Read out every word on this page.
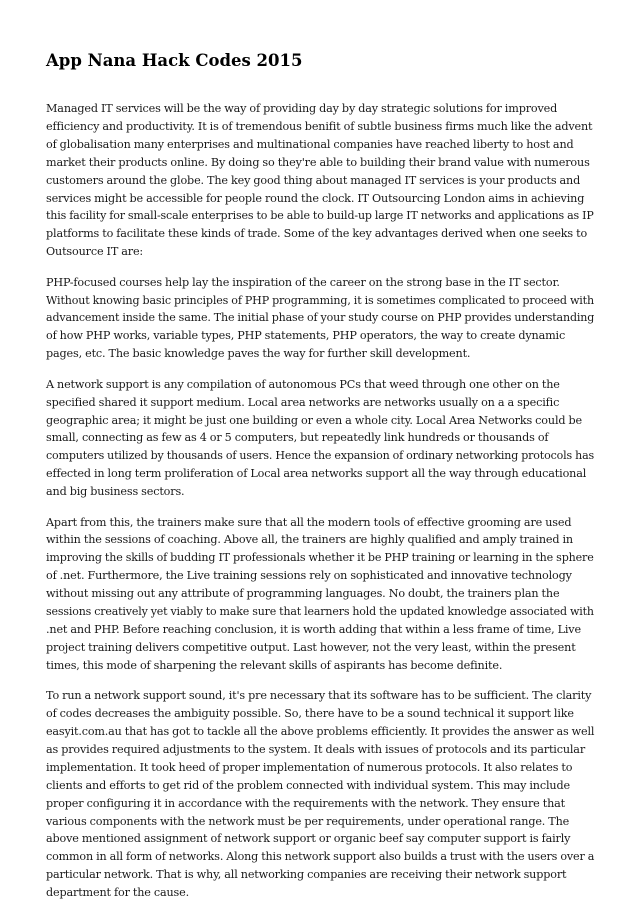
App Nana Hack Codes 2015

Managed IT services will be the way of providing day by day strategic solutions for improved
efficiency and productivity. It is of tremendous benifit of subtle business firms much like the advent
of globalisation many enterprises and multinational companies have reached liberty to host and
market their products online. By doing so they're able to building their brand value with numerous
customers around the globe. The key good thing about managed IT services is your products and
services might be accessible for people round the clock. IT Outsourcing London aims in achieving
this facility for small-scale enterprises to be able to build-up large IT networks and applications as IP
platforms to facilitate these kinds of trade. Some of the key advantages derived when one seeks to
Outsource IT are:

PHP-focused courses help lay the inspiration of the career on the strong base in the IT sector.
Without knowing basic principles of PHP programming, it is sometimes complicated to proceed with
advancement inside the same. The initial phase of your study course on PHP provides understanding
of how PHP works, variable types, PHP statements, PHP operators, the way to create dynamic
pages, etc. The basic knowledge paves the way for further skill development.

A network support is any compilation of autonomous PCs that weed through one other on the
specified shared it support medium. Local area networks are networks usually on a a specific
geographic area; it might be just one building or even a whole city. Local Area Networks could be
small, connecting as few as 4 or 5 computers, but repeatedly link hundreds or thousands of
computers utilized by thousands of users. Hence the expansion of ordinary networking protocols has
effected in long term proliferation of Local area networks support all the way through educational
and big business sectors.

Apart from this, the trainers make sure that all the modern tools of effective grooming are used
within the sessions of coaching. Above all, the trainers are highly qualified and amply trained in
improving the skills of budding IT professionals whether it be PHP training or learning in the sphere
of .net. Furthermore, the Live training sessions rely on sophisticated and innovative technology
without missing out any attribute of programming languages. No doubt, the trainers plan the
sessions creatively yet viably to make sure that learners hold the updated knowledge associated with
.net and PHP. Before reaching conclusion, it is worth adding that within a less frame of time, Live
project training delivers competitive output. Last however, not the very least, within the present
times, this mode of sharpening the relevant skills of aspirants has become definite.

To run a network support sound, it's pre necessary that its software has to be sufficient. The clarity
of codes decreases the ambiguity possible. So, there have to be a sound technical it support like
easyit.com.au that has got to tackle all the above problems efficiently. It provides the answer as well
as provides required adjustments to the system. It deals with issues of protocols and its particular
implementation. It took heed of proper implementation of numerous protocols. It also relates to
clients and efforts to get rid of the problem connected with individual system. This may include
proper configuring it in accordance with the requirements with the network. They ensure that
various components with the network must be per requirements, under operational range. The
above mentioned assignment of network support or organic beef say computer support is fairly
common in all form of networks. Along this network support also builds a trust with the users over a
particular network. That is why, all networking companies are receiving their network support
department for the cause.
